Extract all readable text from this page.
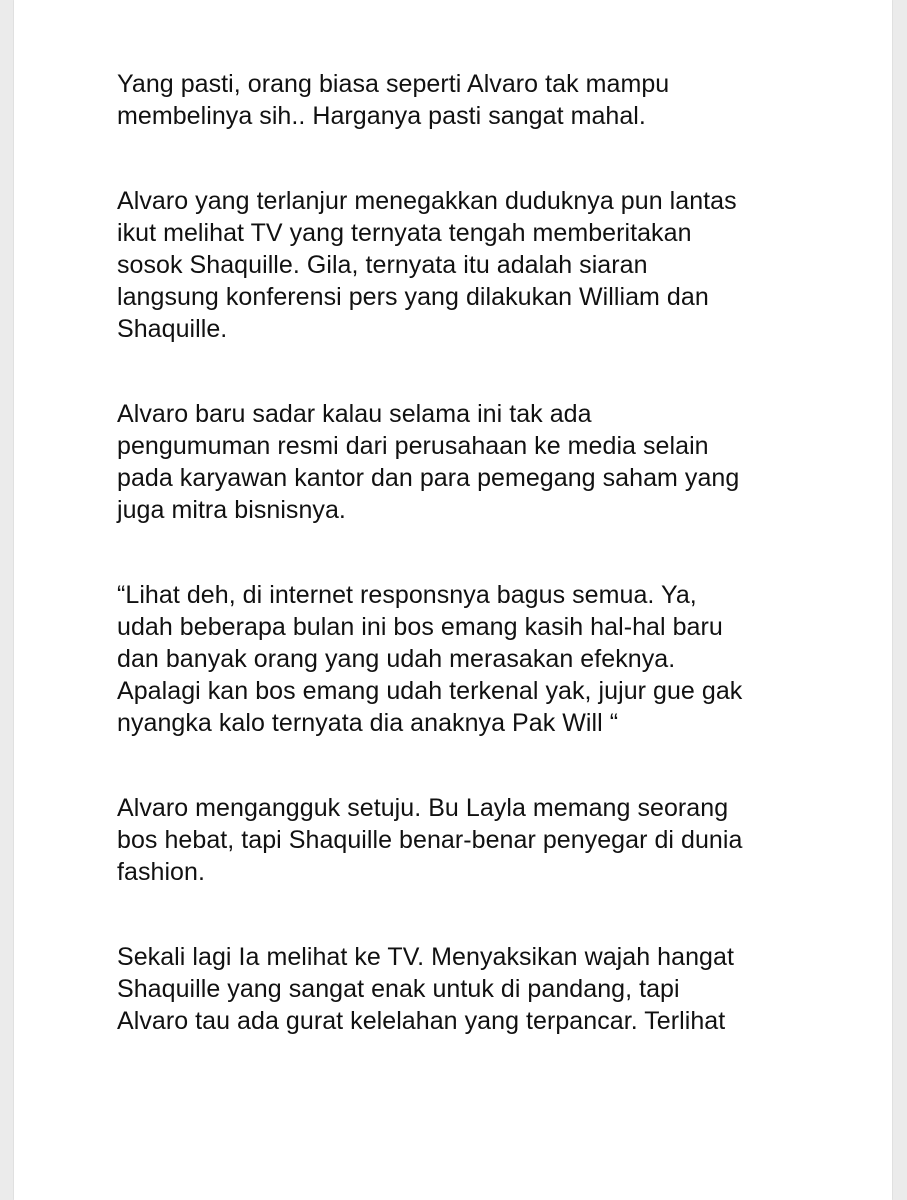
Yang pasti, orang biasa seperti Alvaro tak mampu
membelinya sih.. Harganya pasti sangat mahal.

Alvaro yang terlanjur menegakkan duduknya pun lantas
ikut melihat TV yang ternyata tengah memberitakan
sosok Shaquille. Gila, ternyata itu adalah siaran
langsung konferensi pers yang dilakukan William dan
Shaquille.

Alvaro baru sadar kalau selama ini tak ada
pengumuman resmi dari perusahaan ke media selain
pada karyawan kantor dan para pemegang saham yang
juga mitra bisnisnya.

“Lihat deh, di internet responsnya bagus semua. Ya,
udah beberapa bulan ini bos emang kasih hal-hal baru
dan banyak orang yang udah merasakan efeknya.
Apalagi kan bos emang udah terkenal yak, jujur gue gak
nyangka kalo ternyata dia anaknya Pak Will “

Alvaro mengangguk setuju. Bu Layla memang seorang
bos hebat, tapi Shaquille benar-benar penyegar di dunia
fashion.

Sekali lagi Ia melihat ke TV. Menyaksikan wajah hangat
Shaquille yang sangat enak untuk di pandang, tapi
Alvaro tau ada gurat kelelahan yang terpancar. Terlihat
